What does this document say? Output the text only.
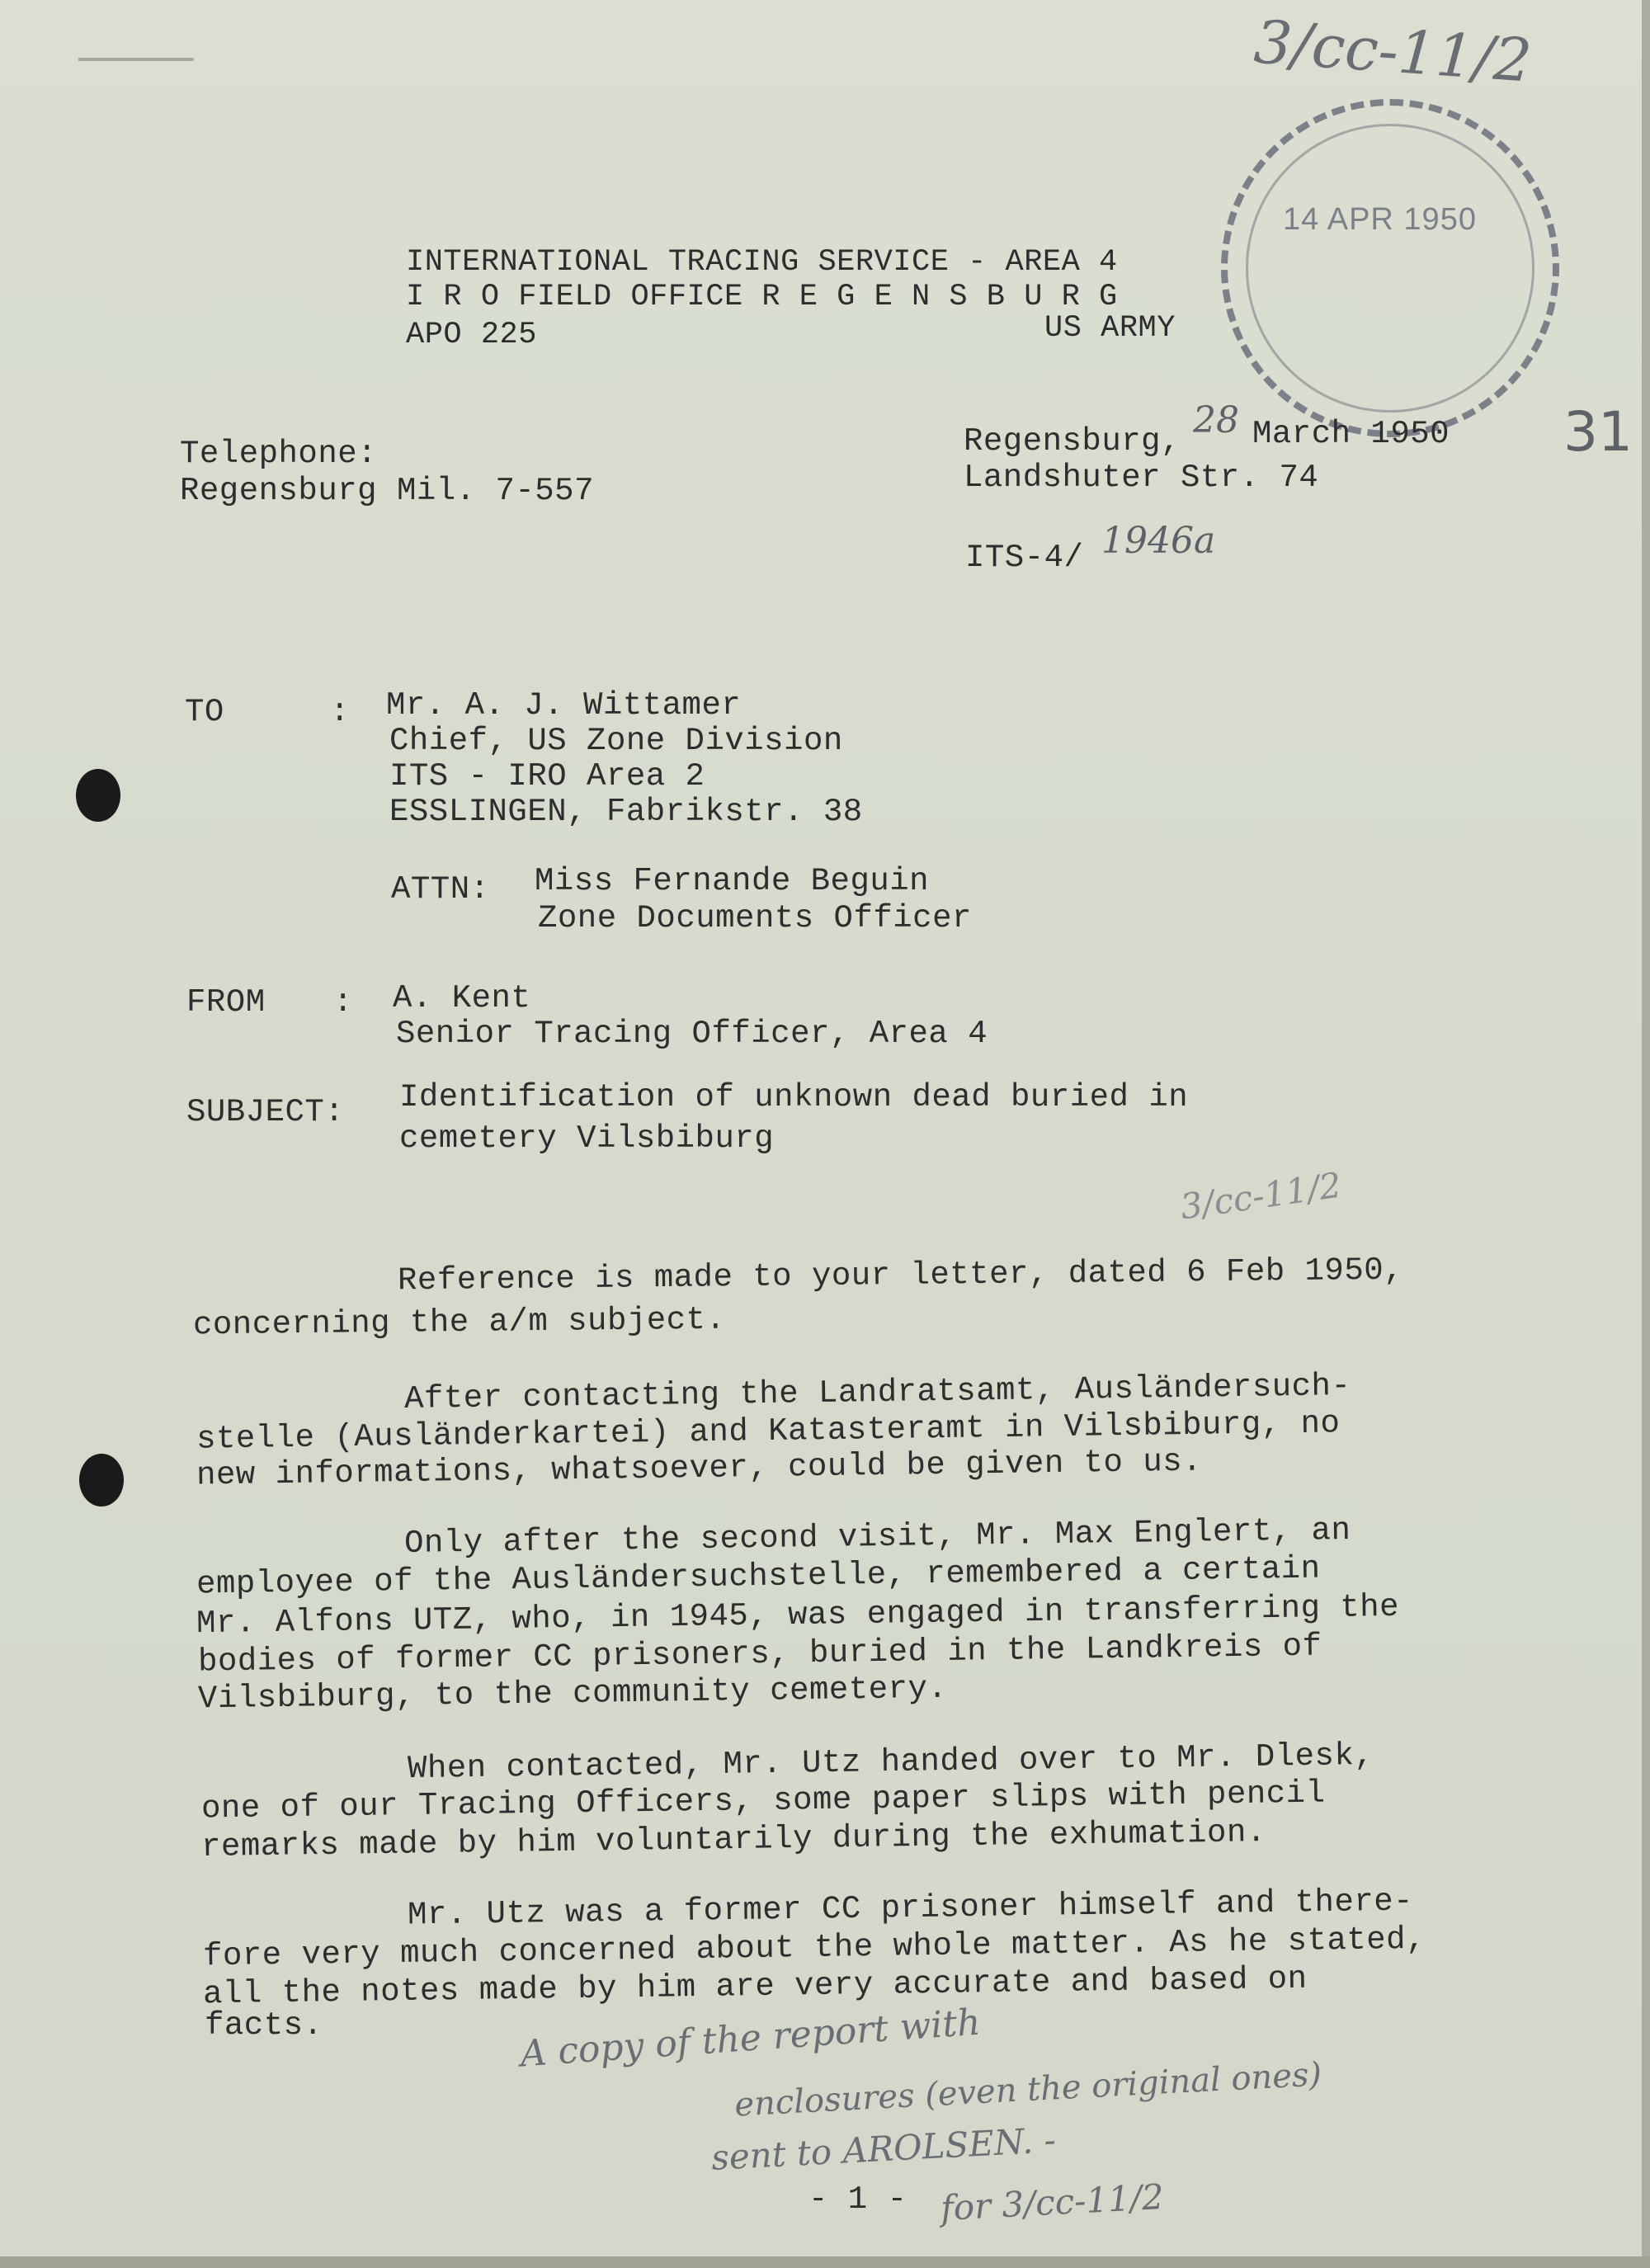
14 APR 1950
3/cc-11/2
31
INTERNATIONAL TRACING SERVICE - AREA 4
I R O FIELD OFFICE R E G E N S B U R G
APO 225	US ARMY
Telephone:
Regensburg Mil. 7-557
Regensburg, 28 March 1950
Landshuter Str. 74
ITS-4/ 1946a
TO	: Mr. A. J. Wittamer
Chief, US Zone Division
ITS - IRO Area 2
ESSLINGEN, Fabrikstr. 38
ATTN: Miss Fernande Beguin
Zone Documents Officer
FROM : A. Kent
Senior Tracing Officer, Area 4
SUBJECT: Identification of unknown dead buried in
cemetery Vilsbiburg
3/cc-11/2
Reference is made to your letter, dated 6 Feb 1950,
concerning the a/m subject.
After contacting the Landratsamt, Ausländersuch-
stelle (Ausländerkartei) and Katasteramt in Vilsbiburg, no
new informations, whatsoever, could be given to us.
Only after the second visit, Mr. Max Englert, an
employee of the Ausländersuchstelle, remembered a certain
Mr. Alfons UTZ, who, in 1945, was engaged in transferring the
bodies of former CC prisoners, buried in the Landkreis of
Vilsbiburg, to the community cemetery.
When contacted, Mr. Utz handed over to Mr. Dlesk,
one of our Tracing Officers, some paper slips with pencil
remarks made by him voluntarily during the exhumation.
Mr. Utz was a former CC prisoner himself and there-
fore very much concerned about the whole matter. As he stated,
all the notes made by him are very accurate and based on
facts.	A copy of the report with
enclosures (even the original ones)
sent to AROLSEN. -
for 3/cc-11/2
- 1 -
